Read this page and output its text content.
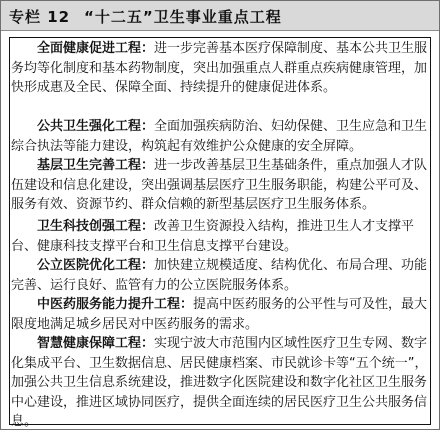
专栏 12 “十二五”卫生事业重点工程

全面健康促进工程：进一步完善基本医疗保障制度、基本公共卫生服务均等化制度和基本药物制度，突出加强重点人群重点疾病健康管理，加快形成惠及全民、保障全面、持续提升的健康促进体系。

公共卫生强化工程：全面加强疾病防治、妇幼保健、卫生应急和卫生综合执法等能力建设，构筑起有效维护公众健康的安全屏障。

基层卫生完善工程：进一步改善基层卫生基础条件，重点加强人才队伍建设和信息化建设，突出强调基层医疗卫生服务职能，构建公平可及、服务有效、资源节约、群众信赖的新型基层医疗卫生服务体系。

卫生科技创强工程：改善卫生资源投入结构，推进卫生人才支撑平台、健康科技支撑平台和卫生信息支撑平台建设。

公立医院优化工程：加快建立规模适度、结构优化、布局合理、功能完善、运行良好、监管有力的公立医院服务体系。

中医药服务能力提升工程：提高中医药服务的公平性与可及性，最大限度地满足城乡居民对中医药服务的需求。

智慧健康保障工程：实现宁波大市范围内区域性医疗卫生专网、数字化集成平台、卫生数据信息、居民健康档案、市民就诊卡等“五个统一”，加强公共卫生信息系统建设，推进数字化医院建设和数字化社区卫生服务中心建设，推进区域协同医疗，提供全面连续的居民医疗卫生公共服务信息。
